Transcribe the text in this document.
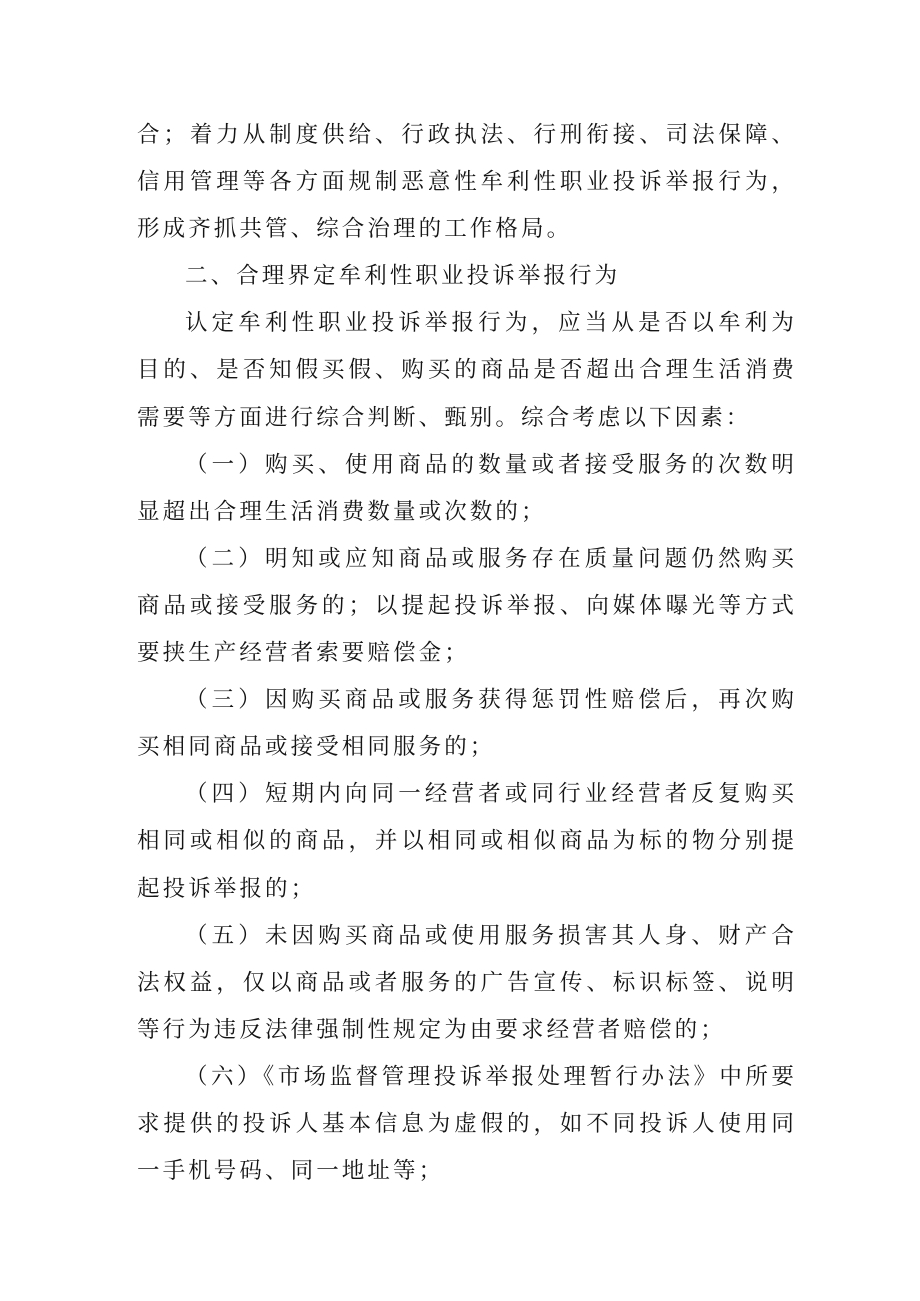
合；着力从制度供给、行政执法、行刑衔接、司法保障、信用管理等各方面规制恶意性牟利性职业投诉举报行为，形成齐抓共管、综合治理的工作格局。

二、合理界定牟利性职业投诉举报行为

认定牟利性职业投诉举报行为，应当从是否以牟利为目的、是否知假买假、购买的商品是否超出合理生活消费需要等方面进行综合判断、甄别。综合考虑以下因素：

（一）购买、使用商品的数量或者接受服务的次数明显超出合理生活消费数量或次数的；

（二）明知或应知商品或服务存在质量问题仍然购买商品或接受服务的；以提起投诉举报、向媒体曝光等方式要挟生产经营者索要赔偿金；

（三）因购买商品或服务获得惩罚性赔偿后，再次购买相同商品或接受相同服务的；

（四）短期内向同一经营者或同行业经营者反复购买相同或相似的商品，并以相同或相似商品为标的物分别提起投诉举报的；

（五）未因购买商品或使用服务损害其人身、财产合法权益，仅以商品或者服务的广告宣传、标识标签、说明等行为违反法律强制性规定为由要求经营者赔偿的；

（六）《市场监督管理投诉举报处理暂行办法》中所要求提供的投诉人基本信息为虚假的，如不同投诉人使用同一手机号码、同一地址等；
